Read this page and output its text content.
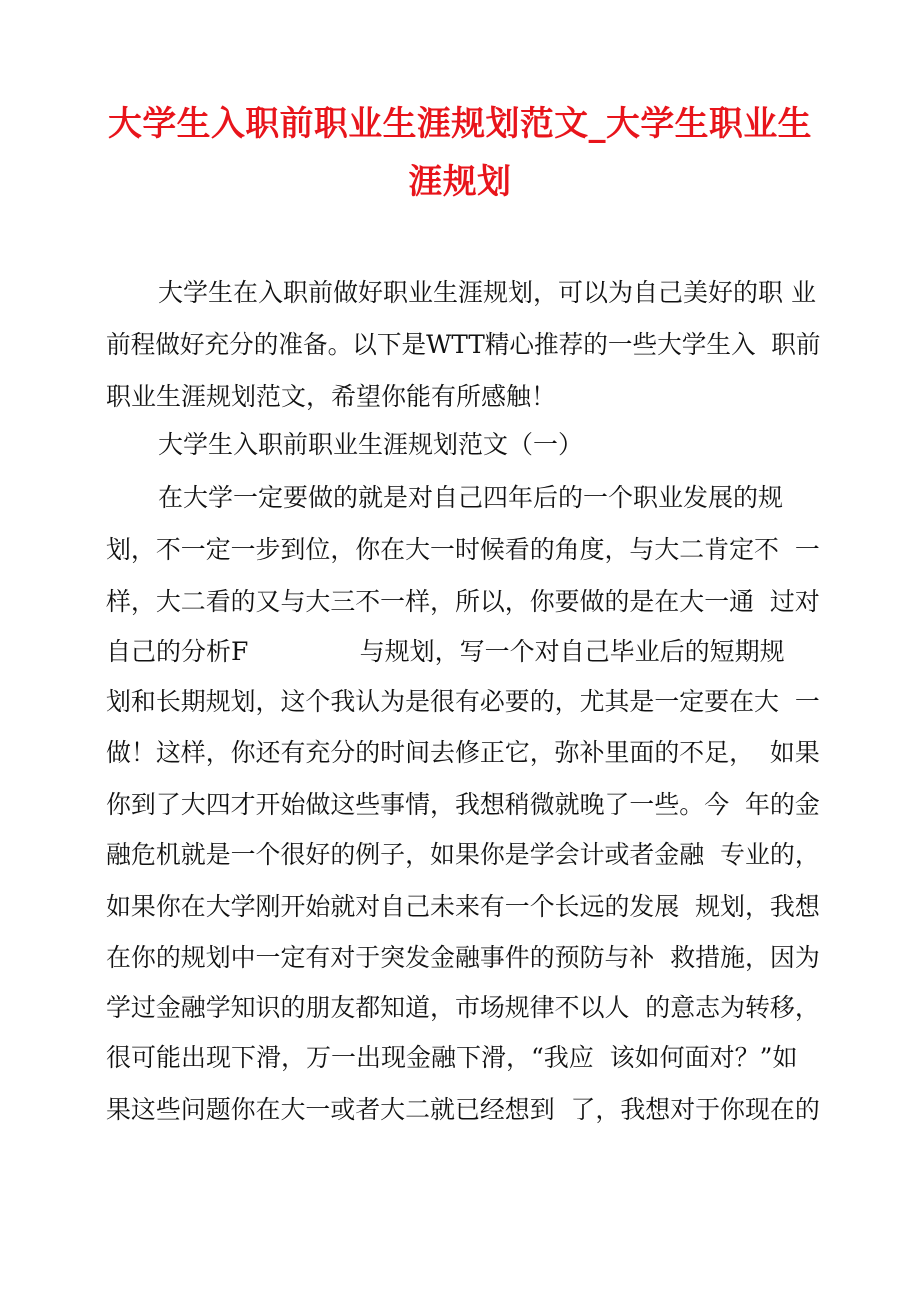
大学生入职前职业生涯规划范文_大学生职业生
涯规划
大学生在入职前做好职业生涯规划，可以为自己美好的职 业
前程做好充分的准备。以下是WTT精心推荐的一些大学生入  职前
职业生涯规划范文，希望你能有所感触！
大学生入职前职业生涯规划范文（一）
在大学一定要做的就是对自己四年后的一个职业发展的规
划，不一定一步到位，你在大一时候看的角度，与大二肯定不  一
样，大二看的又与大三不一样，所以，你要做的是在大一通  过对
自己的分析F              与规划，写一个对自己毕业后的短期规
划和长期规划，这个我认为是很有必要的，尤其是一定要在大  一
做！这样，你还有充分的时间去修正它，弥补里面的不足，  如果
你到了大四才开始做这些事情，我想稍微就晚了一些。今  年的金
融危机就是一个很好的例子，如果你是学会计或者金融  专业的，
如果你在大学刚开始就对自己未来有一个长远的发展  规划，我想
在你的规划中一定有对于突发金融事件的预防与补  救措施，因为
学过金融学知识的朋友都知道，市场规律不以人  的意志为转移，
很可能出现下滑，万一出现金融下滑，“我应  该如何面对？”如
果这些问题你在大一或者大二就已经想到  了，我想对于你现在的
